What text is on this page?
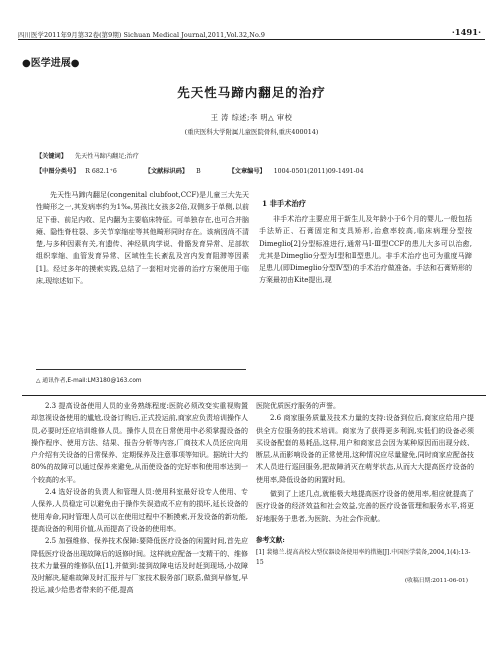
四川医学2011年9月第32卷(第9期) Sichuan Medical Journal,2011,Vol.32,No.9	·1491·
●医学进展●
先天性马蹄内翻足的治疗
王 涛 综述;李 明△ 审校
(重庆医科大学附属儿童医院骨科,重庆400014)
【关键词】 先天性马蹄内翻足;治疗
【中图分类号】 R 682.1⁺6	【文献标识码】 B	【文章编号】 1004-0501(2011)09-1491-04

先天性马蹄内翻足(congenital clubfoot,CCF)是儿童三大先天性畸形之一,其发病率约为1‰,男孩比女孩多2倍,双侧多于单侧,以前足下垂、前足内收、足内翻为主要临床特征。可单独存在,也可合并脑瘫、隐性脊柱裂、多关节挛缩症等其他畸形同时存在。该病因尚不清楚,与多种因素有关,有遗传、神经肌肉学说、骨骼发育异常、足部软组织挛缩、血管发育异常、区域性生长紊乱及宫内发育阻滞等因素[1]。经过多年的摸索实践,总结了一套相对完善的治疗方案使用于临床,现综述如下。

1 非手术治疗

非手术治疗主要应用于新生儿及年龄小于6个月的婴儿,一般包括手法矫正、石膏固定和支具矫形,治愈率较高,临床病理分型按Dimeglio[2]分型标准进行,通常马Ⅰ-Ⅲ型CCF的患儿大多可以治愈,尤其是Dimeglio分型为Ⅰ型和Ⅱ型患儿。非手术治疗也可为重度马蹄足患儿(即Dimeglio分型Ⅳ型)的手术治疗做准备。手法和石膏矫形的方案最初由Kite提出,现

△ 通讯作者,E-mail:LM3180@163.com

2.3 提高设备使用人员的业务熟练程度:医院必须改变实重视购置却忽视设备使用的尴尬,设备订购后,正式投运前,商家应负责培训操作人员,必要时还应培训维修人员。操作人员在日常使用中必须掌握设备的操作程序、使用方法、结果、报告分析等内容,厂商技术人员还应向用户介绍有关设备的日常保养、定期保养及注意事项等知识。据统计大约80%的故障可以通过保养来避免,从而使设备的完好率和使用率达到一个较高的水平。

2.4 选好设备的负责人和管理人员:使用科室最好设专人使用、专人保养,人员稳定可以避免由于操作失误造成不应有的损坏,延长设备的使用寿命,同时管理人员可以在使用过程中不断摸索,开发设备的新功能,提高设备的利用价值,从而提高了设备的使用率。

2.5 加强维修、保养技术保障:要降低医疗设备的闲置时间,首先应降低医疗设备出现故障后的返修时间。这样就应配备一支精干的、维修技术力量强的维修队伍[1],并做到:接到故障电话及时赶到现场,小故障及时解决,疑难故障及时汇报并与厂家技术服务部门联系,做到早修复,早投运,减少给患者带来的不便,提高

医院优质医疗服务的声誉。

2.6 商家服务质量及技术力量的支持:设备到位后,商家应给用户提供全方位服务的技术培训。商家为了获得更多利润,实低们的设备必须买设备配套的易耗品,这样,用户和商家总会因为某种原因而出现分歧、断层,从而影响设备的正常使用,这种情况应尽量避免,同时商家应配备技术人员进行巡回服务,把故障消灭在萌芽状态,从而大大提高医疗设备的使用率,降低设备的闲置时间。

做到了上述几点,就能极大地提高医疗设备的使用率,相应就提高了医疗设备的经济效益和社会效益,完善的医疗设备管理和服务水平,将更好地服务于患者,为医院、为社会作贡献。

参考文献:
[1] 裴德兰.提高高校大型仪器设备使用率的措施[J].中国医学装备,2004,1(4):13-15
(收稿日期:2011-06-01)
